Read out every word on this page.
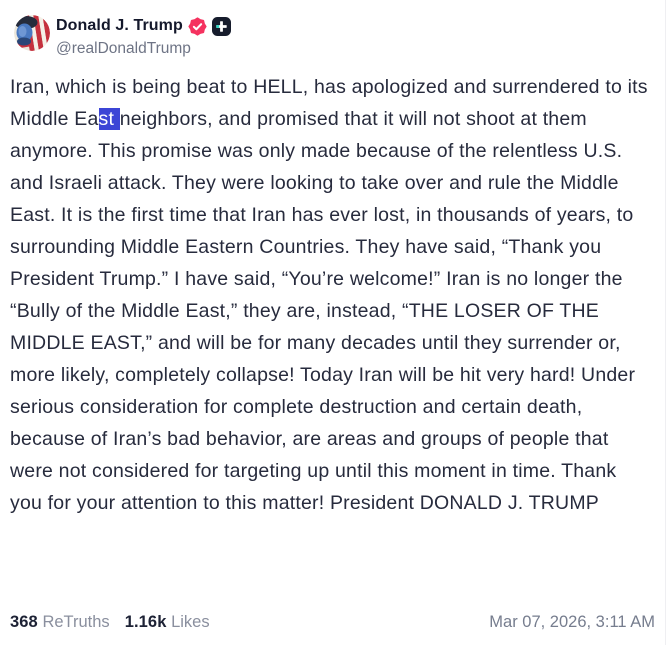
Donald J. Trump
@realDonaldTrump
Iran, which is being beat to HELL, has apologized and surrendered to its Middle East neighbors, and promised that it will not shoot at them anymore. This promise was only made because of the relentless U.S. and Israeli attack. They were looking to take over and rule the Middle East. It is the first time that Iran has ever lost, in thousands of years, to surrounding Middle Eastern Countries. They have said, “Thank you President Trump.” I have said, “You’re welcome!” Iran is no longer the “Bully of the Middle East,” they are, instead, “THE LOSER OF THE MIDDLE EAST,” and will be for many decades until they surrender or, more likely, completely collapse! Today Iran will be hit very hard! Under serious consideration for complete destruction and certain death, because of Iran’s bad behavior, are areas and groups of people that were not considered for targeting up until this moment in time. Thank you for your attention to this matter! President DONALD J. TRUMP
368 ReTruths 1.16k Likes	Mar 07, 2026, 3:11 AM
